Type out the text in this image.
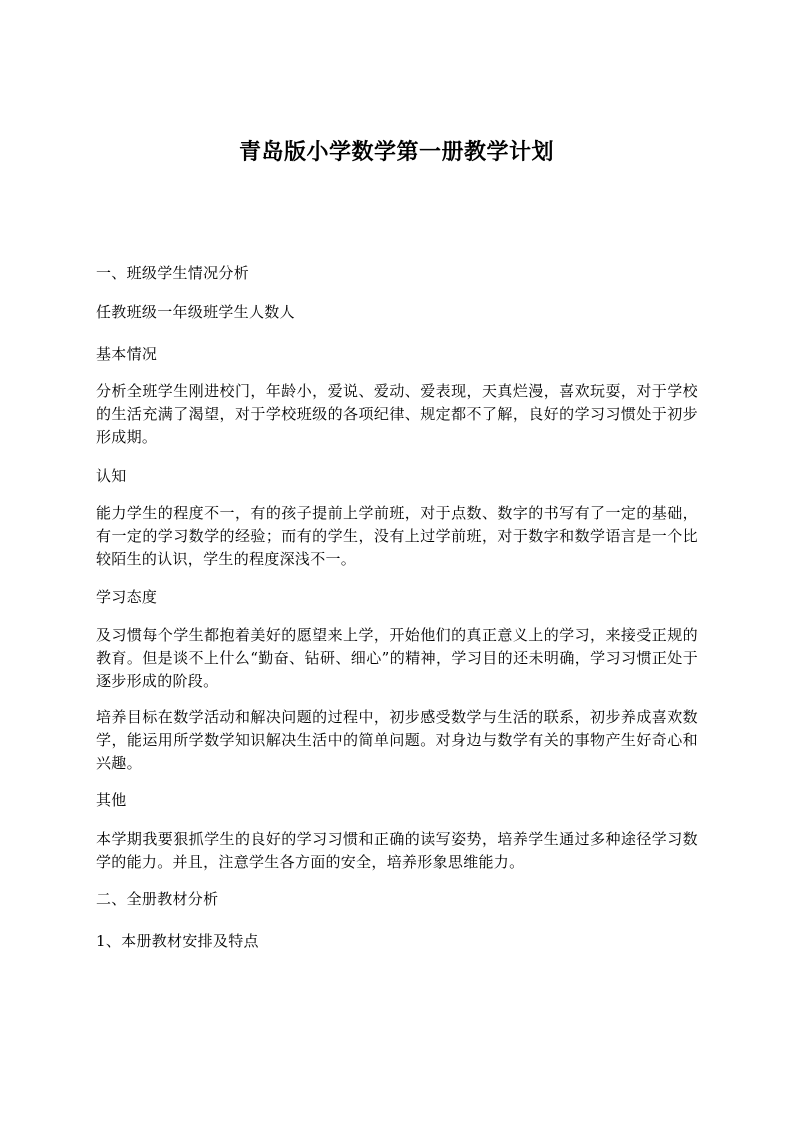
青岛版小学数学第一册教学计划
一、班级学生情况分析
任教班级一年级班学生人数人
基本情况
分析全班学生刚进校门，年龄小，爱说、爱动、爱表现，天真烂漫，喜欢玩耍，对于学校的生活充满了渴望，对于学校班级的各项纪律、规定都不了解，良好的学习习惯处于初步形成期。
认知
能力学生的程度不一，有的孩子提前上学前班，对于点数、数字的书写有了一定的基础，有一定的学习数学的经验；而有的学生，没有上过学前班，对于数字和数学语言是一个比较陌生的认识，学生的程度深浅不一。
学习态度
及习惯每个学生都抱着美好的愿望来上学，开始他们的真正意义上的学习，来接受正规的教育。但是谈不上什么“勤奋、钻研、细心”的精神，学习目的还未明确，学习习惯正处于逐步形成的阶段。
培养目标在数学活动和解决问题的过程中，初步感受数学与生活的联系，初步养成喜欢数学，能运用所学数学知识解决生活中的简单问题。对身边与数学有关的事物产生好奇心和兴趣。
其他
本学期我要狠抓学生的良好的学习习惯和正确的读写姿势，培养学生通过多种途径学习数学的能力。并且，注意学生各方面的安全，培养形象思维能力。
二、全册教材分析
1、本册教材安排及特点
